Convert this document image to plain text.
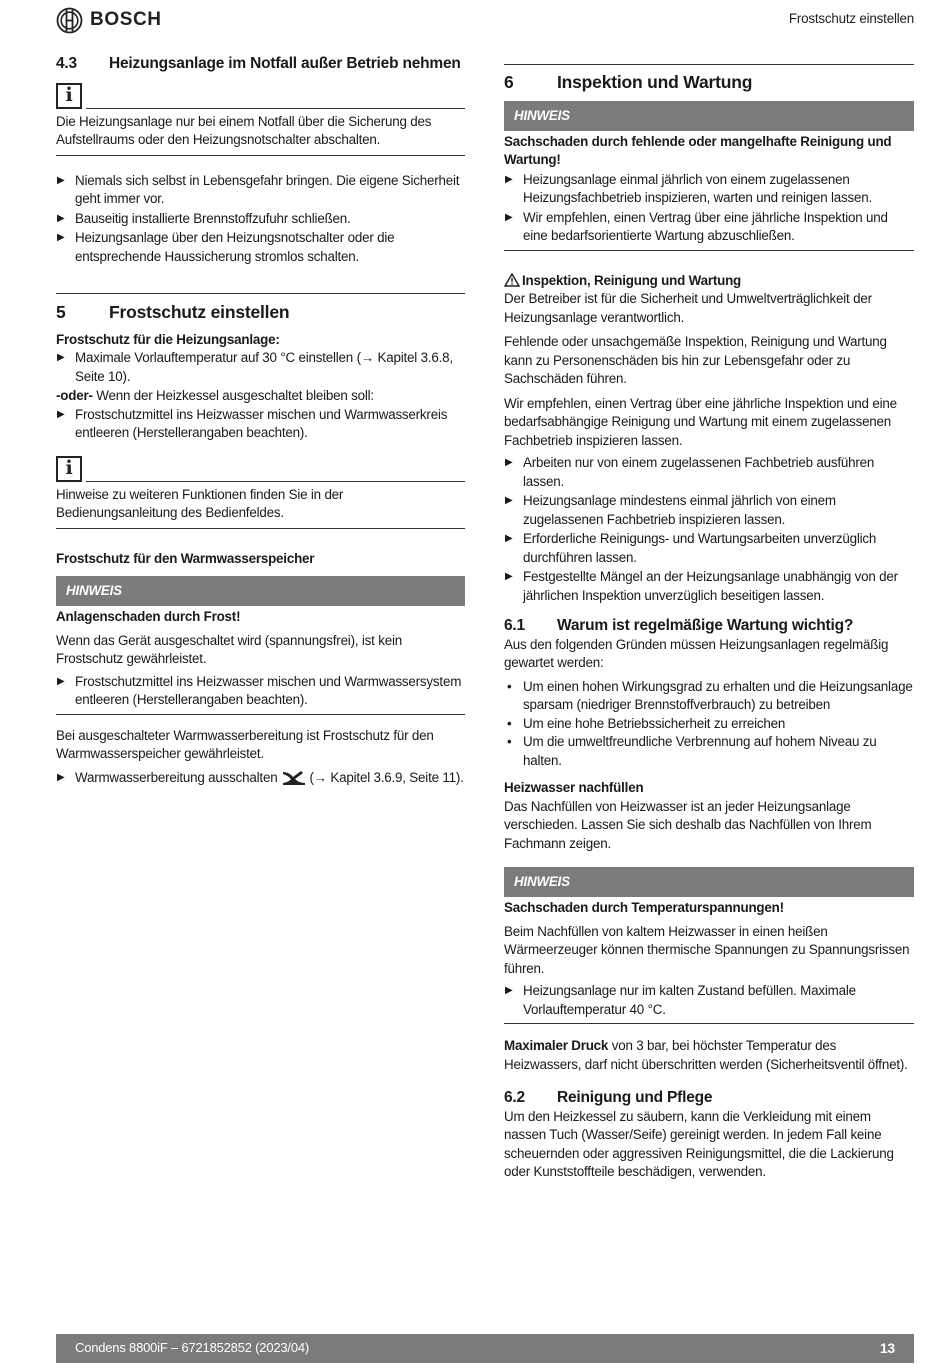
BOSCH	Frostschutz einstellen
4.3	Heizungsanlage im Notfall außer Betrieb nehmen
i

Die Heizungsanlage nur bei einem Notfall über die Sicherung des Aufstellraums oder den Heizungsnotschalter abschalten.

▶ Niemals sich selbst in Lebensgefahr bringen. Die eigene Sicherheit geht immer vor.
▶ Bauseitig installierte Brennstoffzufuhr schließen.
▶ Heizungsanlage über den Heizungsnotschalter oder die entsprechende Haussicherung stromlos schalten.
5	Frostschutz einstellen

Frostschutz für die Heizungsanlage:

▶ Maximale Vorlauftemperatur auf 30 °C einstellen (→ Kapitel 3.6.8, Seite 10).

-oder- Wenn der Heizkessel ausgeschaltet bleiben soll:

▶ Frostschutzmittel ins Heizwasser mischen und Warmwasserkreis entleeren (Herstellerangaben beachten).
i

Hinweise zu weiteren Funktionen finden Sie in der Bedienungsanleitung des Bedienfeldes.

Frostschutz für den Warmwasserspeicher

HINWEIS

Anlagenschaden durch Frost!

Wenn das Gerät ausgeschaltet wird (spannungsfrei), ist kein Frostschutz gewährleistet.

▶ Frostschutzmittel ins Heizwasser mischen und Warmwassersystem entleeren (Herstellerangaben beachten).

Bei ausgeschalteter Warmwasserbereitung ist Frostschutz für den Warmwasserspeicher gewährleistet.

▶ Warmwasserbereitung ausschalten (→ Kapitel 3.6.9, Seite 11).
6	Inspektion und Wartung
HINWEIS

Sachschaden durch fehlende oder mangelhafte Reinigung und Wartung!

▶ Heizungsanlage einmal jährlich von einem zugelassenen Heizungsfachbetrieb inspizieren, warten und reinigen lassen.
▶ Wir empfehlen, einen Vertrag über eine jährliche Inspektion und eine bedarfsorientierte Wartung abzuschließen.

Inspektion, Reinigung und Wartung

Der Betreiber ist für die Sicherheit und Umweltverträglichkeit der Heizungsanlage verantwortlich.

Fehlende oder unsachgemäße Inspektion, Reinigung und Wartung kann zu Personenschäden bis hin zur Lebensgefahr oder zu Sachschäden führen.

Wir empfehlen, einen Vertrag über eine jährliche Inspektion und eine bedarfsabhängige Reinigung und Wartung mit einem zugelassenen Fachbetrieb inspizieren lassen.

▶ Arbeiten nur von einem zugelassenen Fachbetrieb ausführen lassen.
▶ Heizungsanlage mindestens einmal jährlich von einem zugelassenen Fachbetrieb inspizieren lassen.
▶ Erforderliche Reinigungs- und Wartungsarbeiten unverzüglich durchführen lassen.
▶ Festgestellte Mängel an der Heizungsanlage unabhängig von der jährlichen Inspektion unverzüglich beseitigen lassen.
6.1	Warum ist regelmäßige Wartung wichtig?

Aus den folgenden Gründen müssen Heizungsanlagen regelmäßig gewartet werden:

• Um einen hohen Wirkungsgrad zu erhalten und die Heizungsanlage sparsam (niedriger Brennstoffverbrauch) zu betreiben
• Um eine hohe Betriebssicherheit zu erreichen
• Um die umweltfreundliche Verbrennung auf hohem Niveau zu halten.

Heizwasser nachfüllen

Das Nachfüllen von Heizwasser ist an jeder Heizungsanlage verschieden. Lassen Sie sich deshalb das Nachfüllen von Ihrem Fachmann zeigen.

HINWEIS

Sachschaden durch Temperaturspannungen!

Beim Nachfüllen von kaltem Heizwasser in einen heißen Wärmeerzeuger können thermische Spannungen zu Spannungsrissen führen.

▶ Heizungsanlage nur im kalten Zustand befüllen. Maximale Vorlauftemperatur 40 °C.

Maximaler Druck von 3 bar, bei höchster Temperatur des Heizwassers, darf nicht überschritten werden (Sicherheitsventil öffnet).

6.2	Reinigung und Pflege

Um den Heizkessel zu säubern, kann die Verkleidung mit einem nassen Tuch (Wasser/Seife) gereinigt werden. In jedem Fall keine scheuernden oder aggressiven Reinigungsmittel, die die Lackierung oder Kunststoffteile beschädigen, verwenden.

Condens 8800iF – 6721852852 (2023/04)	13
